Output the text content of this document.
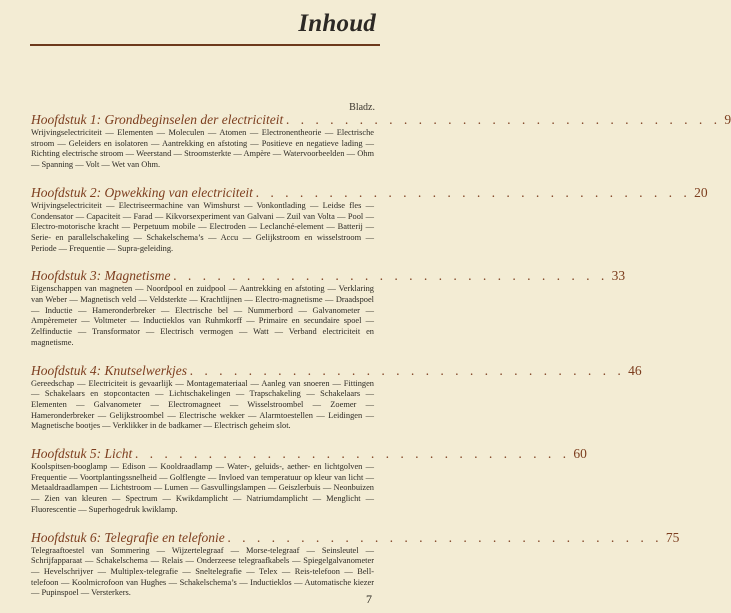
Inhoud
Bladz.
Hoofdstuk 1: Grondbeginselen der electriciteit . . . . . . . . . . . . . . . . . . . . . . . . . . . . . . 9
Wrijvingselectriciteit — Elementen — Moleculen — Atomen — Electronentheorie — Electrische stroom — Geleiders en isolatoren — Aantrekking en afstoting — Positieve en negatieve lading — Richting electrische stroom — Weerstand — Stroomsterkte — Ampère — Watervoorbeelden — Ohm — Spanning — Volt — Wet van Ohm.
Hoofdstuk 2: Opwekking van electriciteit . . . . . . . . . . . . . . . . . . . . . . . . . . . . . . 20
Wrijvingselectriciteit — Electriseermachine van Wimshurst — Vonkontlading — Leidse fles — Condensator — Capaciteit — Farad — Kikvorsexperiment van Galvani — Zuil van Volta — Pool — Electro-motorische kracht — Perpetuum mobile — Electroden — Leclanché-element — Batterij — Serie- en parallelschakeling — Schakelschema’s — Accu — Gelijkstroom en wisselstroom — Periode — Frequentie — Supra-geleiding.
Hoofdstuk 3: Magnetisme . . . . . . . . . . . . . . . . . . . . . . . . . . . . . . 33
Eigenschappen van magneten — Noordpool en zuidpool — Aantrekking en afstoting — Verklaring van Weber — Magnetisch veld — Veldsterkte — Krachtlijnen — Electro-magnetisme — Draadspoel — Inductie — Hameronderbreker — Electrische bel — Nummerbord — Galvanometer — Ampèremeter — Voltmeter — Inductieklos van Ruhmkorff — Primaire en secundaire spoel — Zelfinductie — Transformator — Electrisch vermogen — Watt — Verband electriciteit en magnetisme.
Hoofdstuk 4: Knutselwerkjes . . . . . . . . . . . . . . . . . . . . . . . . . . . . . . 46
Gereedschap — Electriciteit is gevaarlijk — Montagemateriaal — Aanleg van snoeren — Fittingen — Schakelaars en stopcontacten — Lichtschakelingen — Trapschakeling — Schakelaars — Elementen — Galvanometer — Electromagneet — Wisselstroombel — Zoemer — Hameronderbreker — Gelijkstroombel — Electrische wekker — Alarmtoestellen — Leidingen — Magnetische bootjes — Verklikker in de badkamer — Electrisch geheim slot.
Hoofdstuk 5: Licht . . . . . . . . . . . . . . . . . . . . . . . . . . . . . . 60
Koolspitsen-booglamp — Edison — Kooldraadlamp — Water-, geluids-, aether- en lichtgolven — Frequentie — Voortplantingssnelheid — Golflengte — Invloed van temperatuur op kleur van licht — Metaaldraadlampen — Lichtstroom — Lumen — Gasvullingslampen — Geiszlerbuis — Neonbuizen — Zien van kleuren — Spectrum — Kwikdamplicht — Natriumdamplicht — Menglicht — Fluorescentie — Superhogedruk kwiklamp.
Hoofdstuk 6: Telegrafie en telefonie . . . . . . . . . . . . . . . . . . . . . . . . . . . . . . 75
Telegraaftoestel van Sommering — Wijzertelegraaf — Morse-telegraaf — Seinsleutel — Schrijfapparaat — Schakelschema — Relais — Onderzeese telegraafkabels — Spiegelgalvanometer — Hevelschrijver — Multiplex-telegrafie — Sneltelegrafie — Telex — Reis-telefoon — Bell-telefoon — Koolmicrofoon van Hughes — Schakelschema’s — Inductieklos — Automatische kiezer — Pupinspoel — Versterkers.	7
